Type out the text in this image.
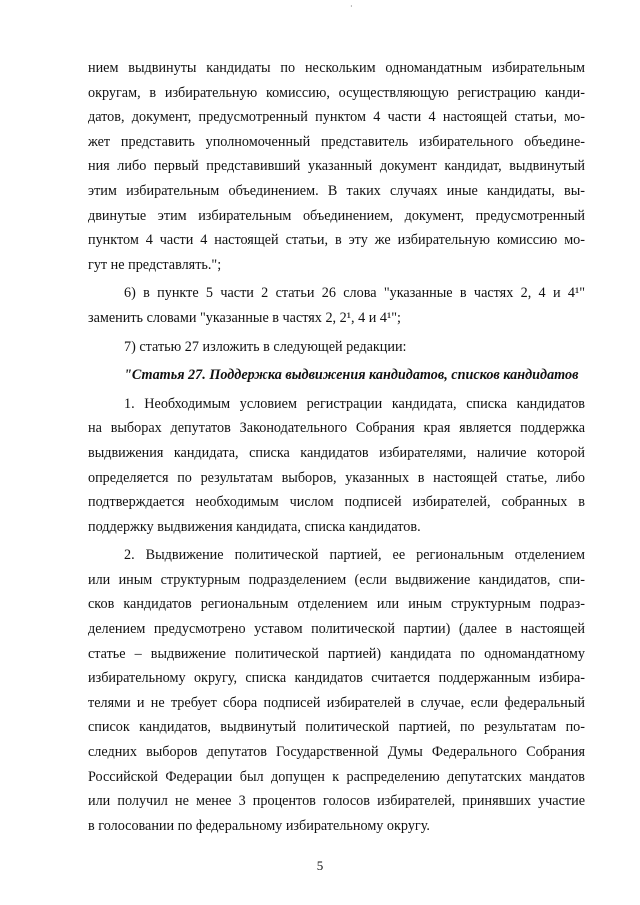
·
нием выдвинуты кандидаты по нескольким одномандатным избирательным
округам, в избирательную комиссию, осуществляющую регистрацию канди-
датов, документ, предусмотренный пунктом 4 части 4 настоящей статьи, мо-
жет представить уполномоченный представитель избирательного объедине-
ния либо первый представивший указанный документ кандидат, выдвинутый
этим избирательным объединением. В таких случаях иные кандидаты, вы-
двинутые этим избирательным объединением, документ, предусмотренный
пунктом 4 части 4 настоящей статьи, в эту же избирательную комиссию мо-
гут не представлять.";
6) в пункте 5 части 2 статьи 26 слова "указанные в частях 2, 4 и 4¹"
заменить словами "указанные в частях 2, 2¹, 4 и 4¹";
7) статью 27 изложить в следующей редакции:
"Статья 27. Поддержка выдвижения кандидатов, списков кандидатов
1. Необходимым условием регистрации кандидата, списка кандидатов
на выборах депутатов Законодательного Собрания края является поддержка
выдвижения кандидата, списка кандидатов избирателями, наличие которой
определяется по результатам выборов, указанных в настоящей статье, либо
подтверждается необходимым числом подписей избирателей, собранных в
поддержку выдвижения кандидата, списка кандидатов.
2. Выдвижение политической партией, ее региональным отделением
или иным структурным подразделением (если выдвижение кандидатов, спи-
сков кандидатов региональным отделением или иным структурным подраз-
делением предусмотрено уставом политической партии) (далее в настоящей
статье – выдвижение политической партией) кандидата по одномандатному
избирательному округу, списка кандидатов считается поддержанным избира-
телями и не требует сбора подписей избирателей в случае, если федеральный
список кандидатов, выдвинутый политической партией, по результатам по-
следних выборов депутатов Государственной Думы Федерального Собрания
Российской Федерации был допущен к распределению депутатских мандатов
или получил не менее 3 процентов голосов избирателей, принявших участие
в голосовании по федеральному избирательному округу.
5
